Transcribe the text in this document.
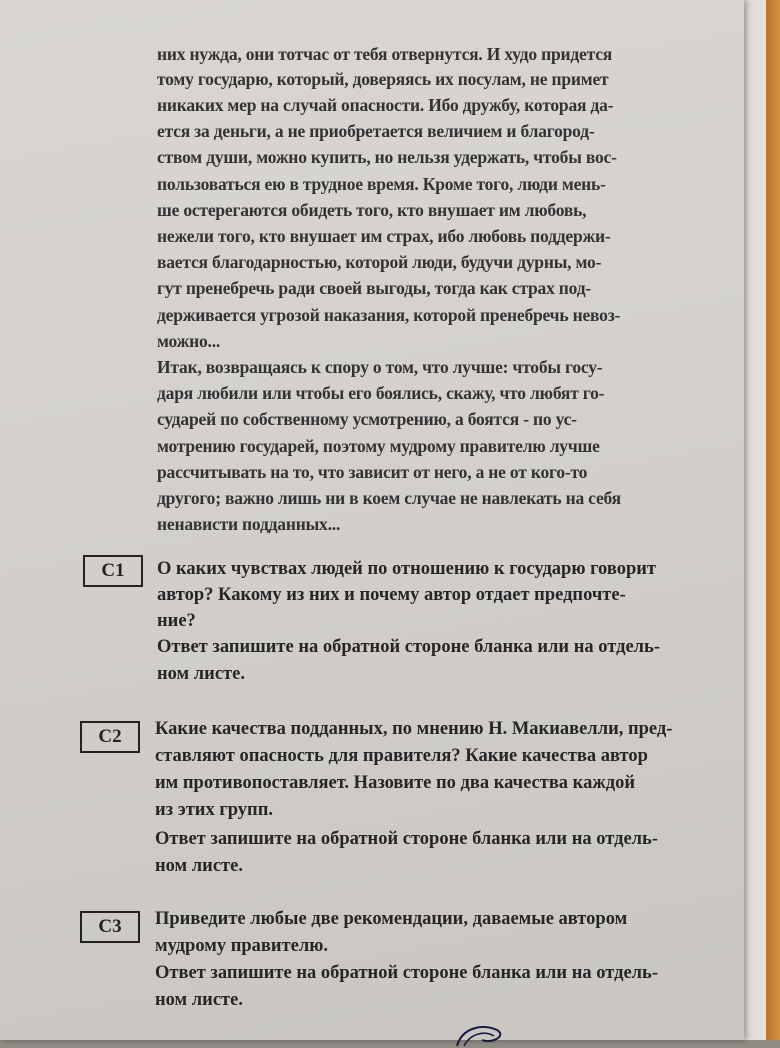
них нужда, они тотчас от тебя отвернутся. И худо придется
тому государю, который, доверяясь их посулам, не примет
никаких мер на случай опасности. Ибо дружбу, которая да-
ется за деньги, а не приобретается величием и благород-
ством души, можно купить, но нельзя удержать, чтобы вос-
пользоваться ею в трудное время. Кроме того, люди мень-
ше остерегаются обидеть того, кто внушает им любовь,
нежели того, кто внушает им страх, ибо любовь поддержи-
вается благодарностью, которой люди, будучи дурны, мо-
гут пренебречь ради своей выгоды, тогда как страх под-
держивается угрозой наказания, которой пренебречь невоз-
можно...
Итак, возвращаясь к спору о том, что лучше: чтобы госу-
даря любили или чтобы его боялись, скажу, что любят го-
сударей по собственному усмотрению, а боятся - по ус-
мотрению государей, поэтому мудрому правителю лучше
рассчитывать на то, что зависит от него, а не от кого-то
другого; важно лишь ни в коем случае не навлекать на себя
ненависти подданных...
С1	О каких чувствах людей по отношению к государю говорит
автор? Какому из них и почему автор отдает предпочте-
ние?
Ответ запишите на обратной стороне бланка или на отдель-
ном листе.
С2	Какие качества подданных, по мнению Н. Макиавелли, пред-
ставляют опасность для правителя? Какие качества автор
им противопоставляет. Назовите по два качества каждой
из этих групп.
Ответ запишите на обратной стороне бланка или на отдель-
ном листе.
С3	Приведите любые две рекомендации, даваемые автором
мудрому правителю.
Ответ запишите на обратной стороне бланка или на отдель-
ном листе.
